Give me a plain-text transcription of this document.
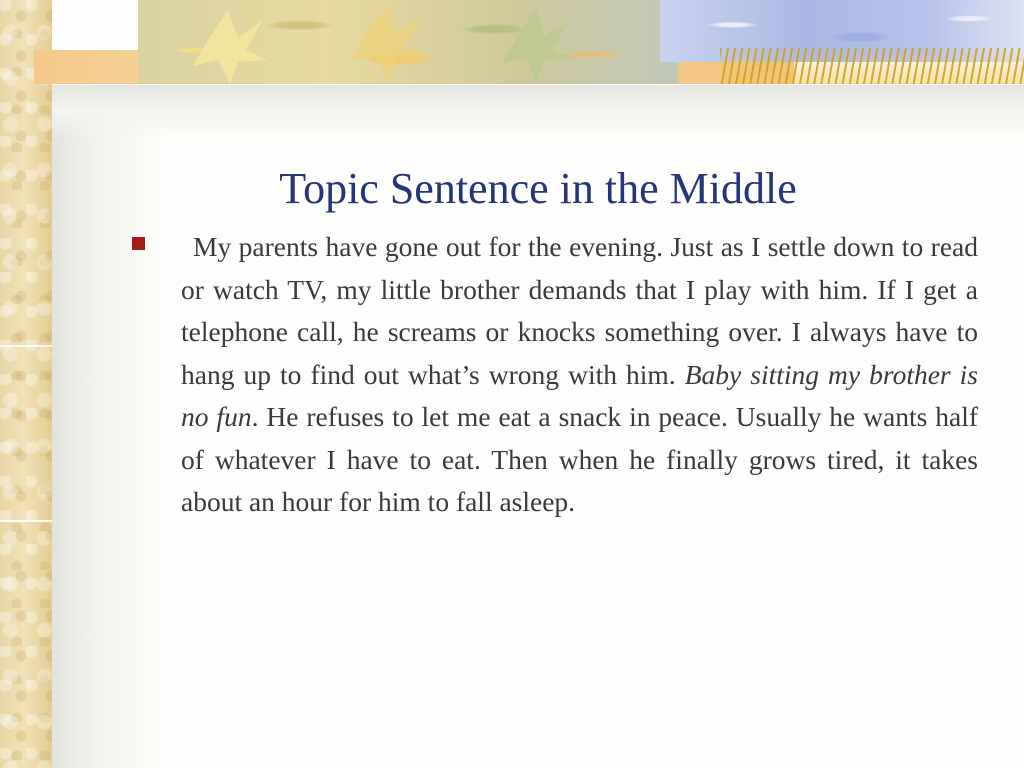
Topic Sentence in the Middle

My parents have gone out for the evening. Just as I settle down to read or watch TV, my little brother demands that I play with him. If I get a telephone call, he screams or knocks something over. I always have to hang up to find out what’s wrong with him. Baby sitting my brother is no fun. He refuses to let me eat a snack in peace. Usually he wants half of whatever I have to eat. Then when he finally grows tired, it takes about an hour for him to fall asleep.
